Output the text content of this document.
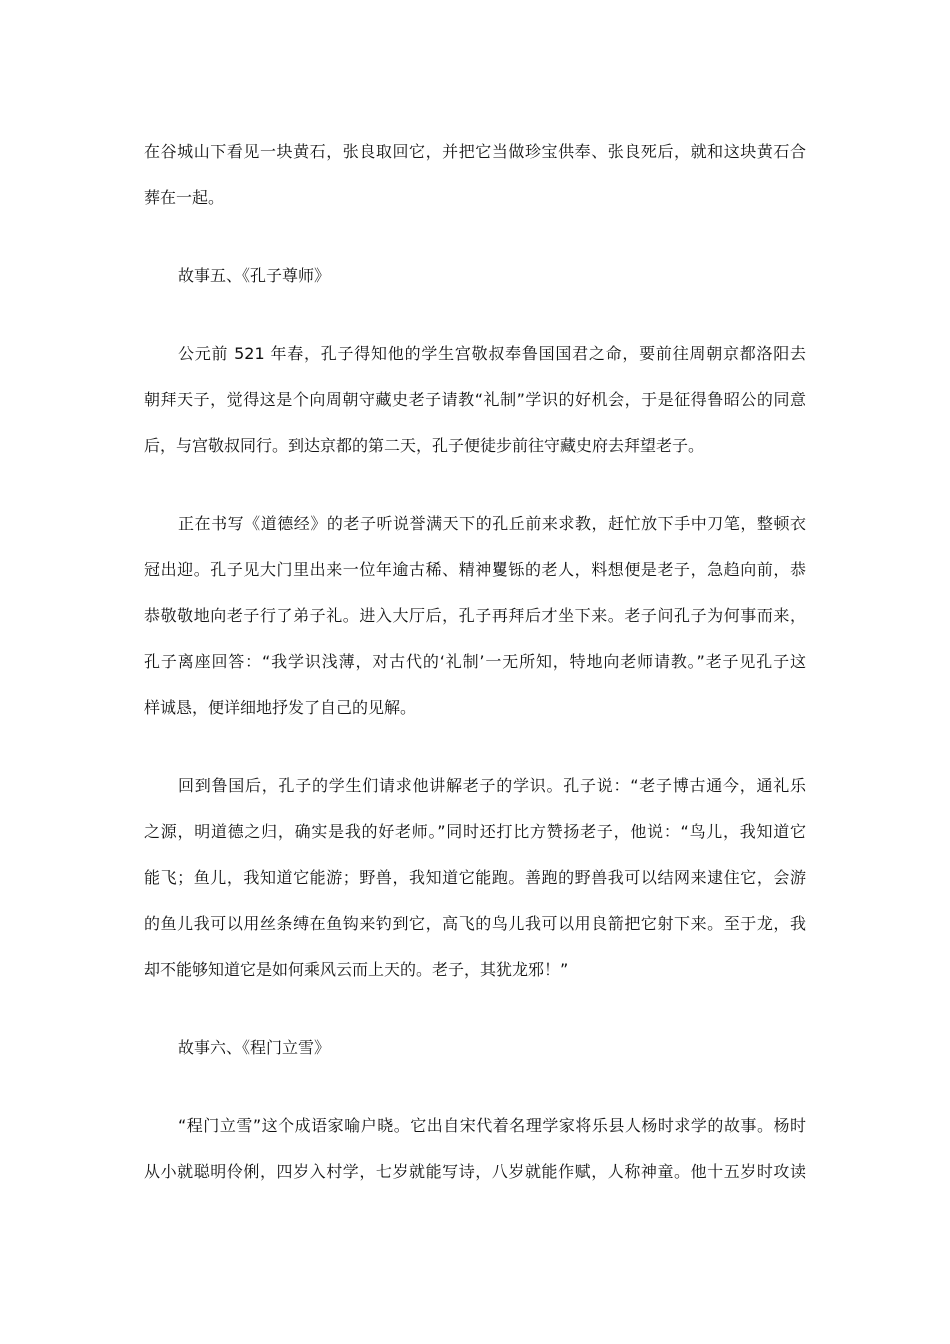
在谷城山下看见一块黄石，张良取回它，并把它当做珍宝供奉、张良死后，就和这块黄石合
葬在一起。
故事五、《孔子尊师》
公元前 521 年春，孔子得知他的学生宫敬叔奉鲁国国君之命，要前往周朝京都洛阳去
朝拜天子，觉得这是个向周朝守藏史老子请教“礼制”学识的好机会，于是征得鲁昭公的同意
后，与宫敬叔同行。到达京都的第二天，孔子便徒步前往守藏史府去拜望老子。
正在书写《道德经》的老子听说誉满天下的孔丘前来求教，赶忙放下手中刀笔，整顿衣
冠出迎。孔子见大门里出来一位年逾古稀、精神矍铄的老人，料想便是老子，急趋向前，恭
恭敬敬地向老子行了弟子礼。进入大厅后，孔子再拜后才坐下来。老子问孔子为何事而来，
孔子离座回答：“我学识浅薄，对古代的‘礼制’一无所知，特地向老师请教。”老子见孔子这
样诚恳，便详细地抒发了自己的见解。
回到鲁国后，孔子的学生们请求他讲解老子的学识。孔子说：“老子博古通今，通礼乐
之源，明道德之归，确实是我的好老师。”同时还打比方赞扬老子，他说：“鸟儿，我知道它
能飞；鱼儿，我知道它能游；野兽，我知道它能跑。善跑的野兽我可以结网来逮住它，会游
的鱼儿我可以用丝条缚在鱼钩来钓到它，高飞的鸟儿我可以用良箭把它射下来。至于龙，我
却不能够知道它是如何乘风云而上天的。老子，其犹龙邪！”
故事六、《程门立雪》
“程门立雪”这个成语家喻户晓。它出自宋代着名理学家将乐县人杨时求学的故事。杨时
从小就聪明伶俐，四岁入村学，七岁就能写诗，八岁就能作赋，人称神童。他十五岁时攻读
